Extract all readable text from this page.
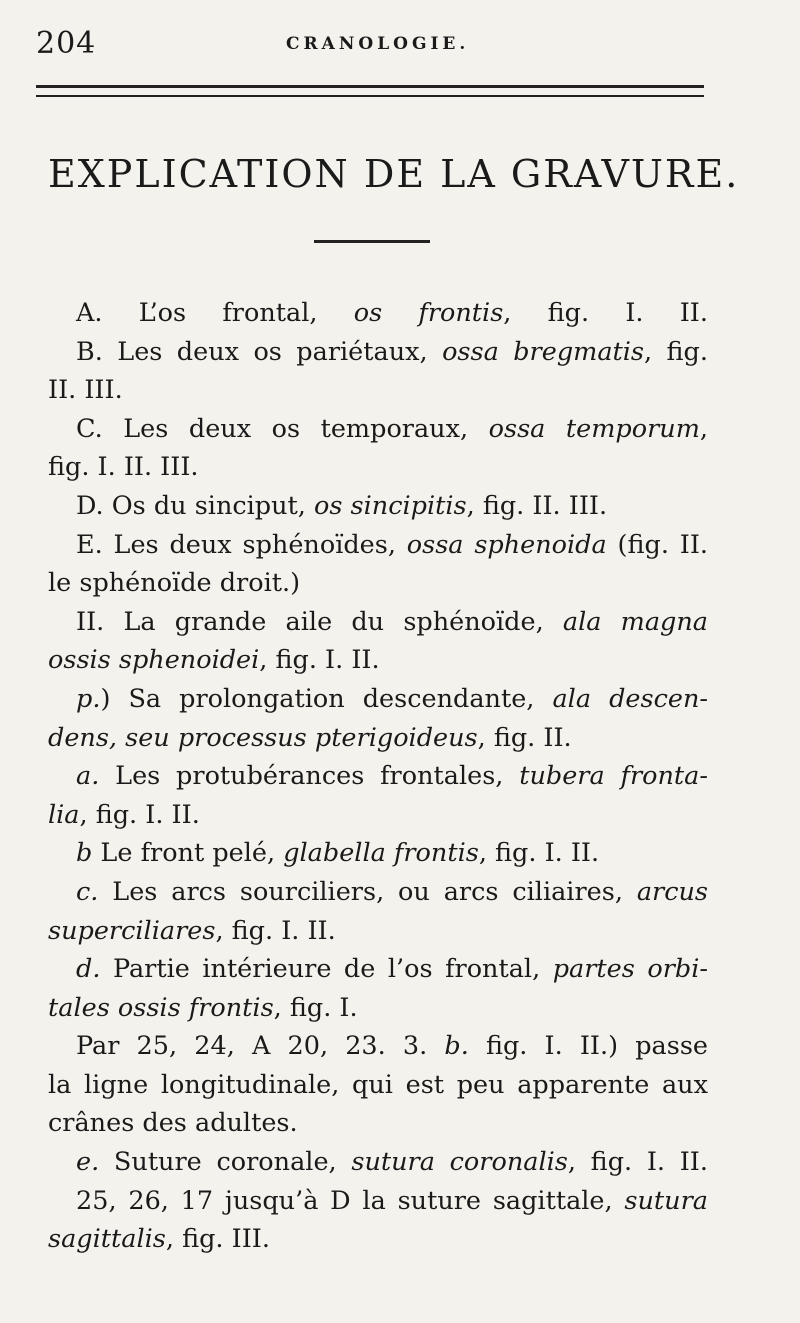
204	CRANOLOGIE.
EXPLICATION DE LA GRAVURE.
A. L’os frontal, os frontis, fig. I. II.
B. Les deux os pariétaux, ossa bregmatis, fig.
II. III.
C. Les deux os temporaux, ossa temporum,
fig. I. II. III.
D. Os du sinciput, os sincipitis, fig. II. III.
E. Les deux sphénoïdes, ossa sphenoida (fig. II.
le sphénoïde droit.)
II. La grande aile du sphénoïde, ala magna
ossis sphenoidei, fig. I. II.
p.) Sa prolongation descendante, ala descen-
dens, seu processus pterigoideus, fig. II.
a. Les protubérances frontales, tubera fronta-
lia, fig. I. II.
b Le front pelé, glabella frontis, fig. I. II.
c. Les arcs sourciliers, ou arcs ciliaires, arcus
superciliares, fig. I. II.
d. Partie intérieure de l’os frontal, partes orbi-
tales ossis frontis, fig. I.
Par 25, 24, A 20, 23. 3. b. fig. I. II.) passe
la ligne longitudinale, qui est peu apparente aux
crânes des adultes.
e. Suture coronale, sutura coronalis, fig. I. II.
25, 26, 17 jusqu’à D la suture sagittale, sutura
sagittalis, fig. III.
